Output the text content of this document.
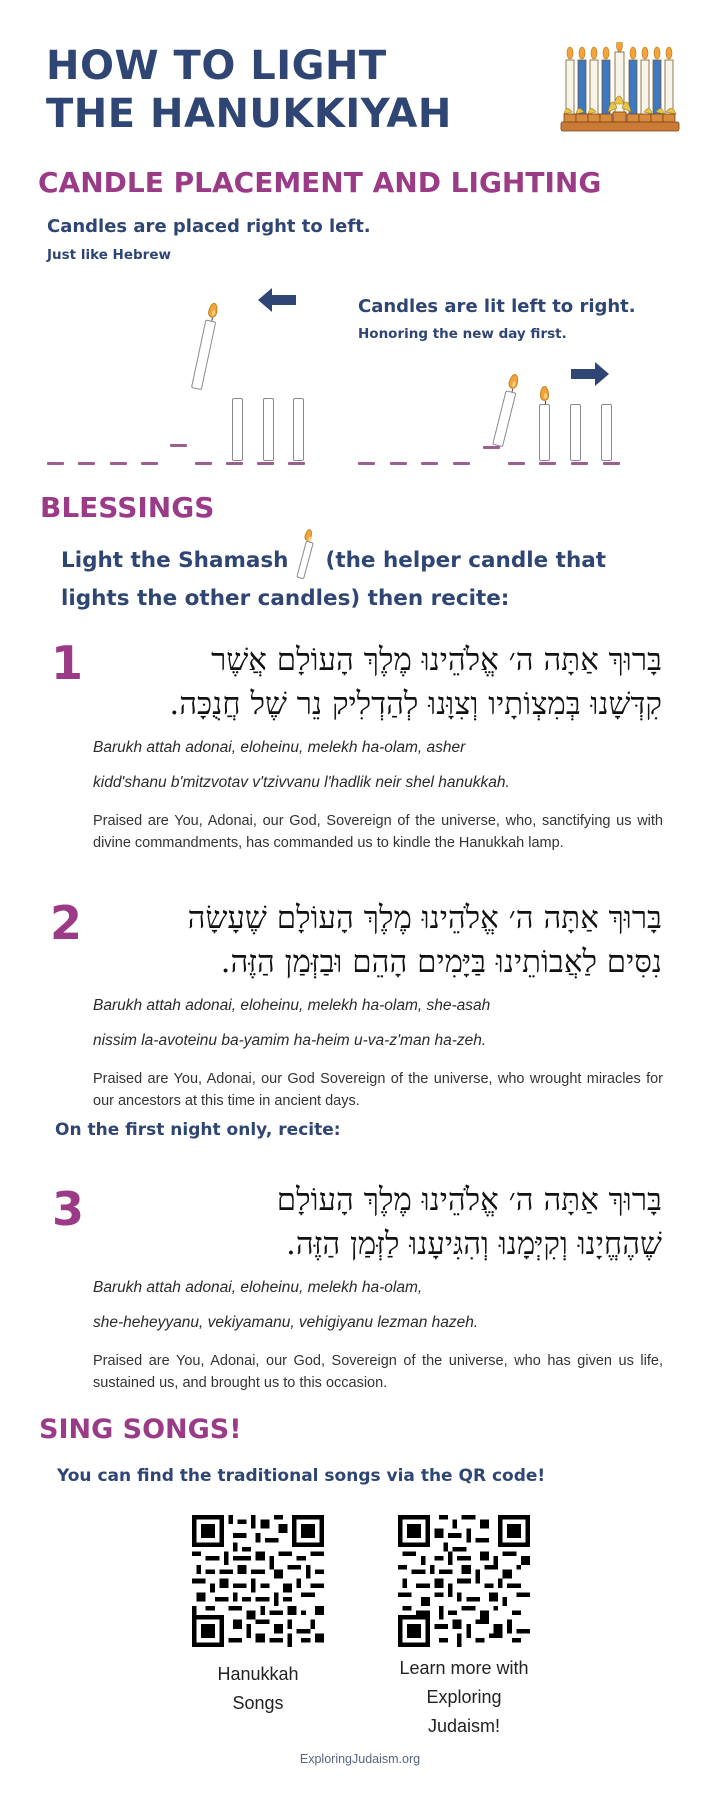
HOW TO LIGHT
THE HANUKKIYAH
CANDLE PLACEMENT AND LIGHTING
Candles are placed right to left.
Just like Hebrew
Candles are lit left to right.
Honoring the new day first.
BLESSINGS
Light the Shamash (the helper candle that
lights the other candles) then recite:
1	בָּרוּךְ אַתָּה ה׳ אֱלֹהֵינוּ מֶלֶךְ הָעוֹלָם אֲשֶׁר
קִדְּשָׁנוּ בְּמִצְוֹתָיו וְצִוָּנוּ לְהַדְלִיק נֵר שֶׁל חֲנֻכָּה.
Barukh attah adonai, eloheinu, melekh ha-olam, asher
kidd'shanu b'mitzvotav v'tzivvanu l'hadlik neir shel hanukkah.
Praised are You, Adonai, our God, Sovereign of the universe, who, sanctifying us with divine commandments, has commanded us to kindle the Hanukkah lamp.
2	בָּרוּךְ אַתָּה ה׳ אֱלֹהֵינוּ מֶלֶךְ הָעוֹלָם שֶׁעָשָׂה
נִסִּים לַאֲבוֹתֵינוּ בַּיָּמִים הָהֵם וּבַזְּמַן הַזֶּה.
Barukh attah adonai, eloheinu, melekh ha-olam, she-asah
nissim la-avoteinu ba-yamim ha-heim u-va-z'man ha-zeh.
Praised are You, Adonai, our God Sovereign of the universe, who wrought miracles for our ancestors at this time in ancient days.
On the first night only, recite:
3	בָּרוּךְ אַתָּה ה׳ אֱלֹהֵינוּ מֶלֶךְ הָעוֹלָם
שֶׁהֶחֱיָנוּ וְקִיְּמָנוּ וְהִגִּיעָנוּ לַזְּמַן הַזֶּה.
Barukh attah adonai, eloheinu, melekh ha-olam,
she-heheyyanu, vekiyamanu, vehigiyanu lezman hazeh.
Praised are You, Adonai, our God, Sovereign of the universe, who has given us life, sustained us, and brought us to this occasion.
SING SONGS!
You can find the traditional songs via the QR code!
Hanukkah
Songs
Learn more with
Exploring
Judaism!
ExploringJudaism.org
